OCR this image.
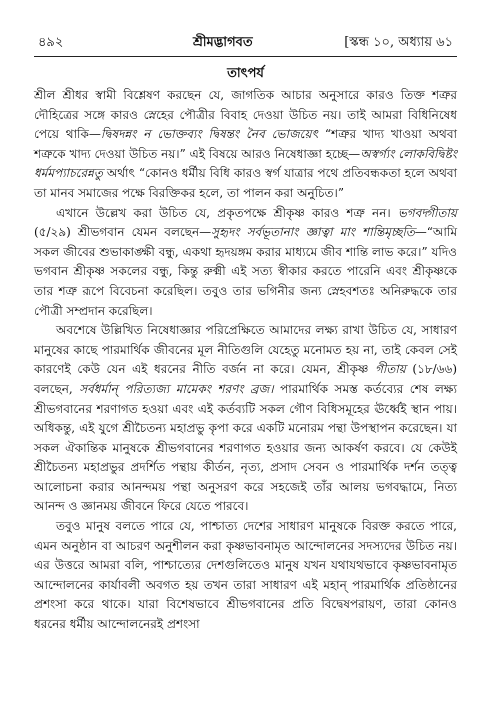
৪৯২	শ্রীমদ্ভাগবত	[স্কন্ধ ১০, অধ্যায় ৬১
তাৎপর্য

শ্রীল শ্রীধর স্বামী বিশ্লেষণ করছেন যে, জাগতিক আচার অনুসারে কারও তিক্ত শত্রুর দৌহিত্রের সঙ্গে কারও স্নেহের পৌত্রীর বিবাহ দেওয়া উচিত নয়। তাই আমরা বিধিনিষেধ পেয়ে থাকি—দ্বিষদন্নং ন ভোক্তব্যং দ্বিষন্তং নৈব ভোজয়েৎ “শত্রুর খাদ্য খাওয়া অথবা শত্রুকে খাদ্য দেওয়া উচিত নয়।” এই বিষয়ে আরও নিষেধাজ্ঞা হচ্ছে—অস্বর্গ্যং লোকবিদ্বিষ্টং ধর্মমপ্যাচরেন্নতু অর্থাৎ “কোনও ধর্মীয় বিধি কারও স্বর্গ যাত্রার পথে প্রতিবন্ধকতা হলে অথবা তা মানব সমাজের পক্ষে বিরক্তিকর হলে, তা পালন করা অনুচিত।”

এখানে উল্লেখ করা উচিত যে, প্রকৃতপক্ষে শ্রীকৃষ্ণ কারও শত্রু নন। ভগবদ্গীতায় (৫/২৯) শ্রীভগবান যেমন বলছেন—সুহৃদং সর্বভূতানাং জ্ঞাত্বা মাং শান্তিমৃচ্ছতি—“আমি সকল জীবের শুভাকাঙ্ক্ষী বন্ধু, একথা হৃদয়ঙ্গম করার মাধ্যমে জীব শান্তি লাভ করে।” যদিও ভগবান শ্রীকৃষ্ণ সকলের বন্ধু, কিন্তু রুক্মী এই সত্য স্বীকার করতে পারেনি এবং শ্রীকৃষ্ণকে তার শত্রু রূপে বিবেচনা করেছিল। তবুও তার ভগিনীর জন্য স্নেহবশতঃ অনিরুদ্ধকে তার পৌত্রী সম্প্রদান করেছিল।

অবশেষে উল্লিখিত নিষেধাজ্ঞার পরিপ্রেক্ষিতে আমাদের লক্ষ্য রাখা উচিত যে, সাধারণ মানুষের কাছে পারমার্থিক জীবনের মূল নীতিগুলি যেহেতু মনোমত হয় না, তাই কেবল সেই কারণেই কেউ যেন এই ধরনের নীতি বর্জন না করে। যেমন, শ্রীকৃষ্ণ গীতায় (১৮/৬৬) বলছেন, সর্বধর্মান্ পরিত্যজ্য মামেকং শরণং ব্রজ। পারমার্থিক সমস্ত কর্তব্যের শেষ লক্ষ্য শ্রীভগবানের শরণাগত হওয়া এবং এই কর্তব্যটি সকল গৌণ বিধিসমূহের ঊর্ধ্বেই স্থান পায়। অধিকন্তু, এই যুগে শ্রীচৈতন্য মহাপ্রভু কৃপা করে একটি মনোরম পন্থা উপস্থাপন করেছেন। যা সকল ঐকান্তিক মানুষকে শ্রীভগবানের শরণাগত হওয়ার জন্য আকর্ষণ করবে। যে কেউই শ্রীচৈতন্য মহাপ্রভুর প্রদর্শিত পন্থায় কীর্তন, নৃত্য, প্রসাদ সেবন ও পারমার্থিক দর্শন তত্ত্ব আলোচনা করার আনন্দময় পন্থা অনুসরণ করে সহজেই তাঁর আলয় ভগবদ্ধামে, নিত্য আনন্দ ও জ্ঞানময় জীবনে ফিরে যেতে পারবে।

তবুও মানুষ বলতে পারে যে, পাশ্চাত্য দেশের সাধারণ মানুষকে বিরক্ত করতে পারে, এমন অনুষ্ঠান বা আচরণ অনুশীলন করা কৃষ্ণভাবনামৃত আন্দোলনের সদস্যদের উচিত নয়। এর উত্তরে আমরা বলি, পাশ্চাত্যের দেশগুলিতেও মানুষ যখন যথাযথভাবে কৃষ্ণভাবনামৃত আন্দোলনের কার্যাবলী অবগত হয় তখন তারা সাধারণ এই মহান্ পারমার্থিক প্রতিষ্ঠানের প্রশংসা করে থাকে। যারা বিশেষভাবে শ্রীভগবানের প্রতি বিদ্বেষপরায়ণ, তারা কোনও ধরনের ধর্মীয় আন্দোলনেরই প্রশংসা
